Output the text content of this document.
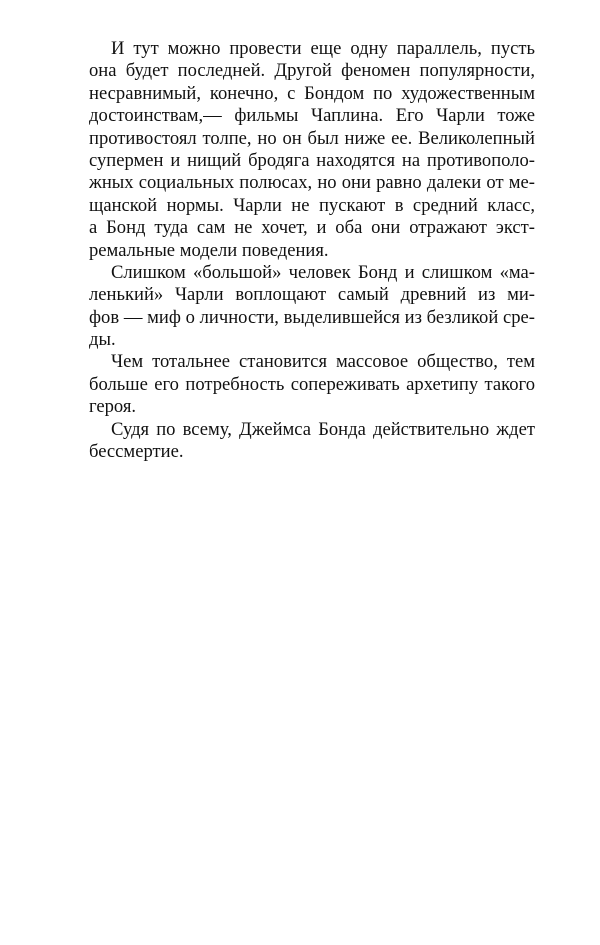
И тут можно провести еще одну параллель, пусть
она будет последней. Другой феномен популярности,
несравнимый, конечно, с Бондом по художественным
достоинствам,— фильмы Чаплина. Его Чарли тоже
противостоял толпе, но он был ниже ее. Великолепный
супермен и нищий бродяга находятся на противополо-
жных социальных полюсах, но они равно далеки от ме-
щанской нормы. Чарли не пускают в средний класс,
а Бонд туда сам не хочет, и оба они отражают экст-
ремальные модели поведения.
Слишком «большой» человек Бонд и слишком «ма-
ленький» Чарли воплощают самый древний из ми-
фов — миф о личности, выделившейся из безликой сре-
ды.
Чем тотальнее становится массовое общество, тем
больше его потребность сопереживать архетипу такого
героя.
Судя по всему, Джеймса Бонда действительно ждет
бессмертие.
